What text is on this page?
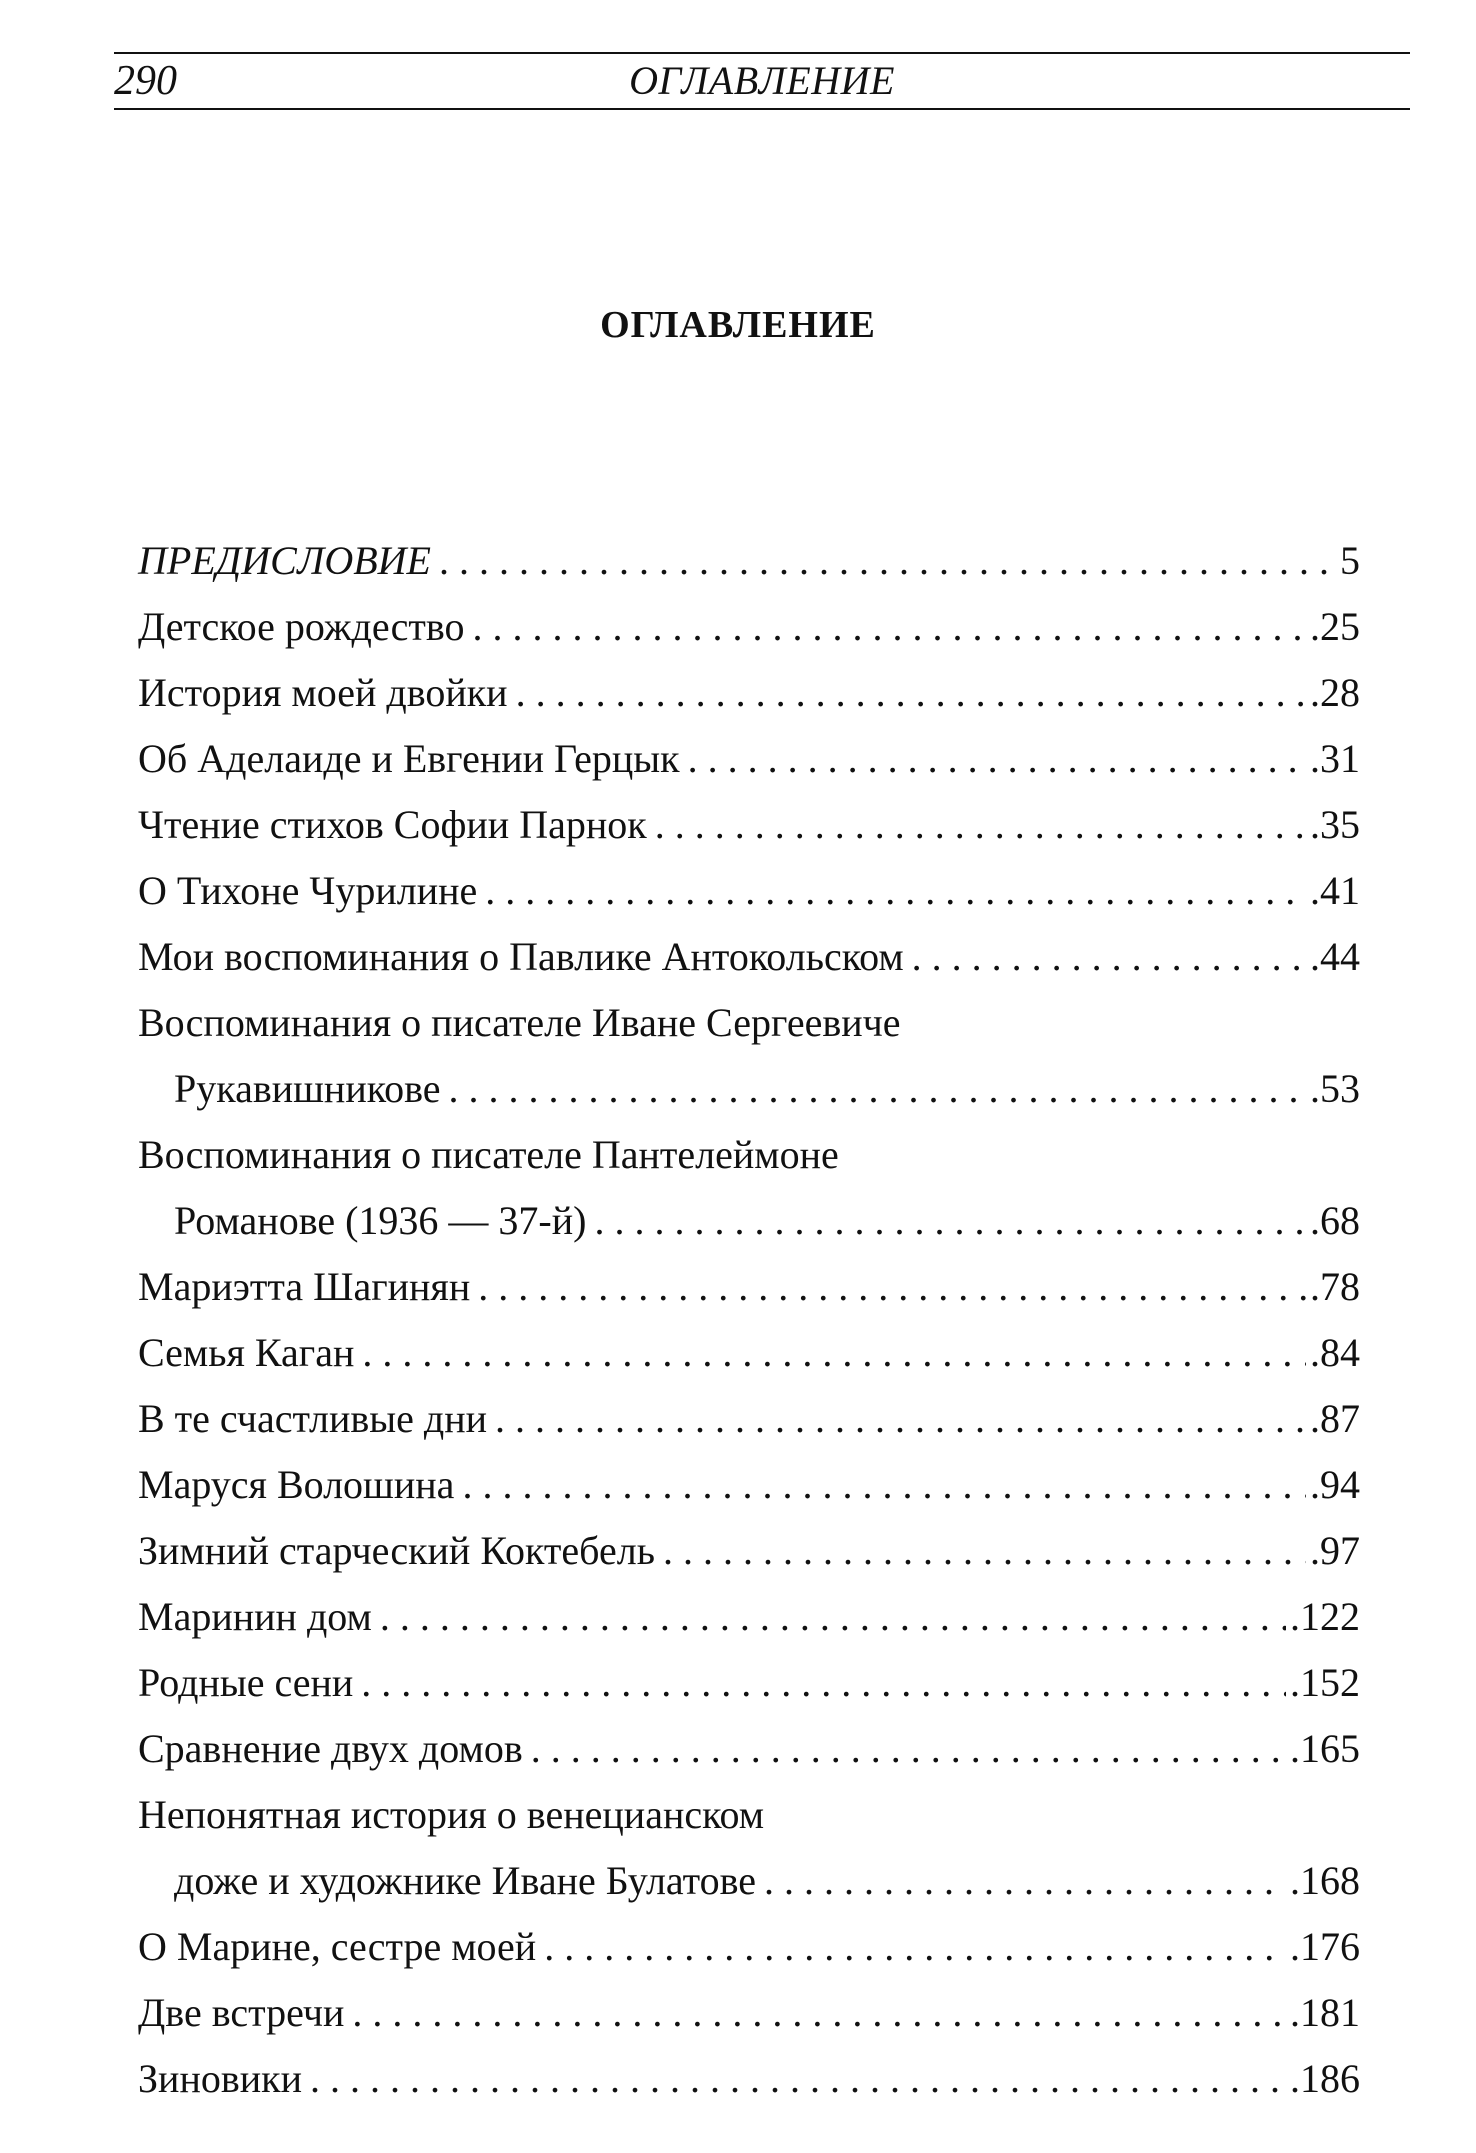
290	ОГЛАВЛЕНИЕ
ОГЛАВЛЕНИЕ
ПРЕДИСЛОВИЕ . . .	5
Детское рождество . . .	.25
История моей двойки . . .	.28
Об Аделаиде и Евгении Герцык . . .	.31
Чтение стихов Софии Парнок . . .	.35
О Тихоне Чурилине . . .	.41
Мои воспоминания о Павлике Антокольском . . .	.44
Воспоминания о писателе Иване Сергеевиче
Рукавишникове . . .	.53
Воспоминания о писателе Пантелеймоне
Романове (1936 — 37-й) . . .	.68
Мариэтта Шагинян . . .	.78
Семья Каган . . .	.84
В те счастливые дни . . .	.87
Маруся Волошина . . .	.94
Зимний старческий Коктебель . . .	.97
Маринин дом . . .	.122
Родные сени . . .	.152
Сравнение двух домов . . .	.165
Непонятная история о венецианском
доже и художнике Иване Булатове . . .	.168
О Марине, сестре моей . . .	.176
Две встречи . . .	.181
Зиновики . . .	.186
